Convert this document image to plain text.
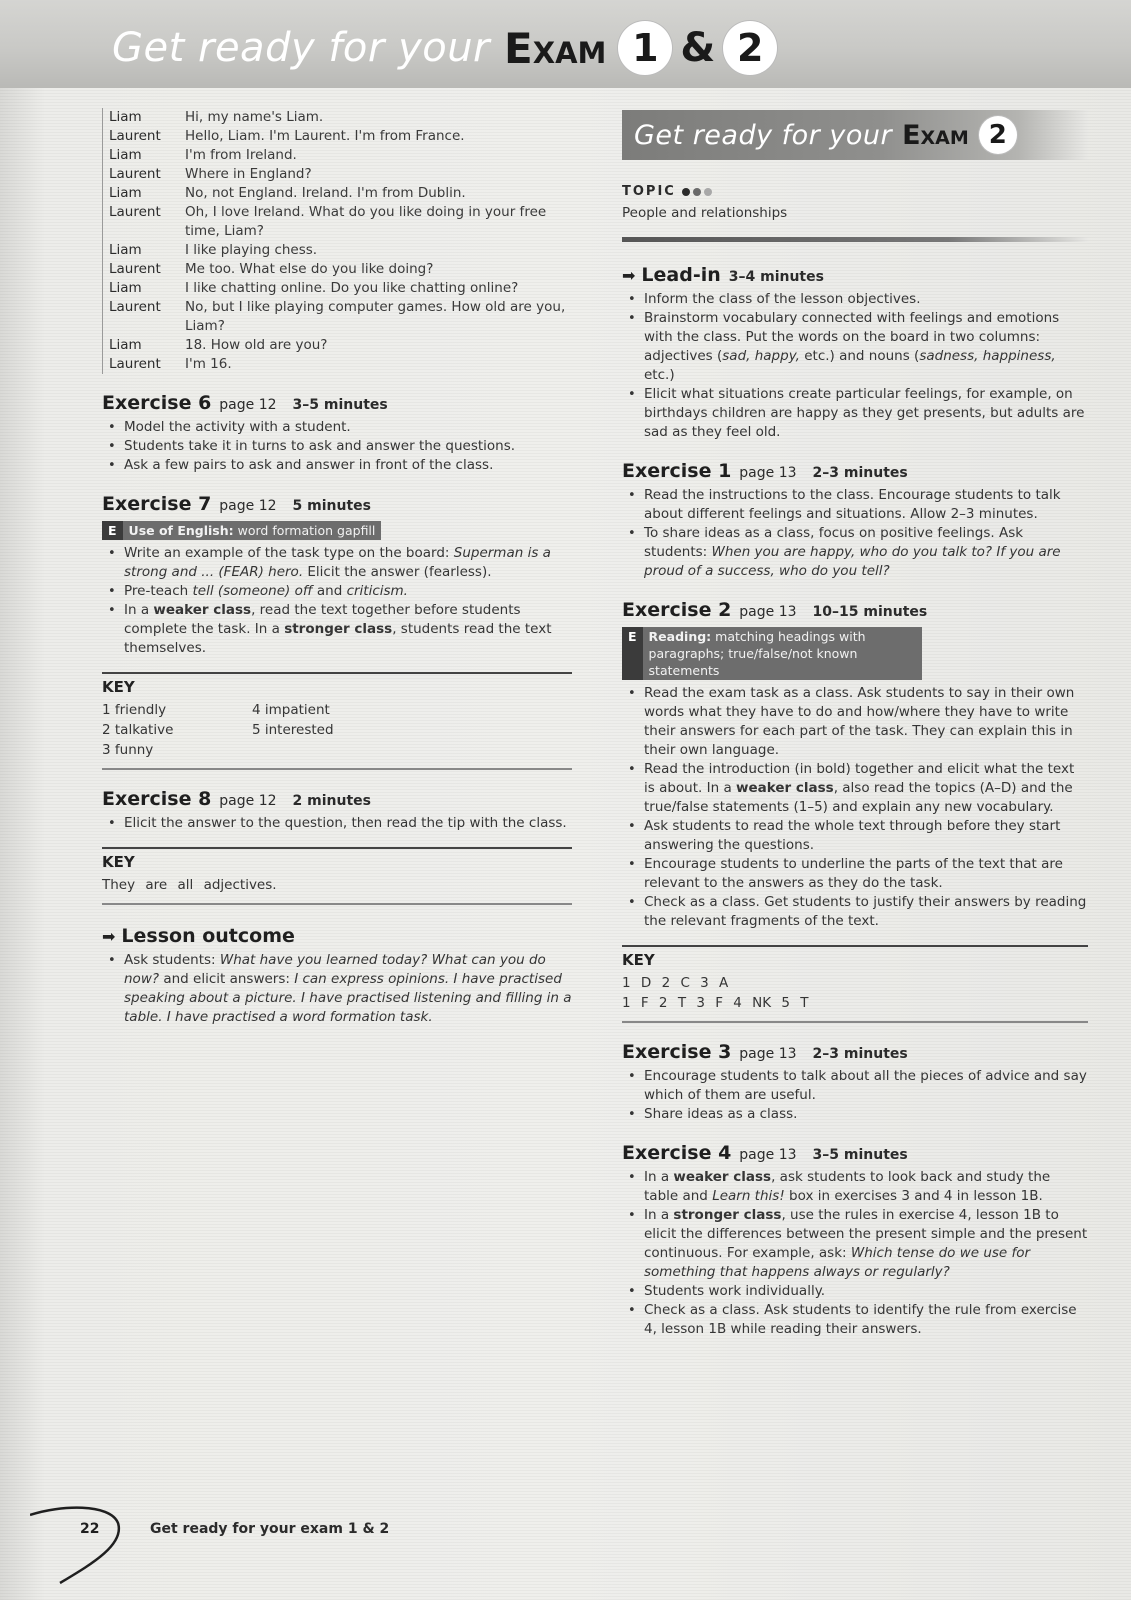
Get ready for your Exam 1 & 2
Liam	Hi, my name's Liam.
Laurent	Hello, Liam. I'm Laurent. I'm from France.
Liam	I'm from Ireland.
Laurent	Where in England?
Liam	No, not England. Ireland. I'm from Dublin.
Laurent	Oh, I love Ireland. What do you like doing in your free time, Liam?
Liam	I like playing chess.
Laurent	Me too. What else do you like doing?
Liam	I like chatting online. Do you like chatting online?
Laurent	No, but I like playing computer games. How old are you, Liam?
Liam	18. How old are you?
Laurent	I'm 16.
Exercise 6 page 12 3–5 minutes
• Model the activity with a student.
• Students take it in turns to ask and answer the questions.
• Ask a few pairs to ask and answer in front of the class.
Exercise 7 page 12 5 minutes
E Use of English: word formation gapfill
• Write an example of the task type on the board: Superman is a strong and ... (FEAR) hero. Elicit the answer (fearless).
• Pre-teach tell (someone) off and criticism.
• In a weaker class, read the text together before students complete the task. In a stronger class, students read the text themselves.
KEY
1 friendly	4 impatient
2 talkative	5 interested
3 funny
Exercise 8 page 12 2 minutes
• Elicit the answer to the question, then read the tip with the class.
KEY
They are all adjectives.
➡ Lesson outcome
• Ask students: What have you learned today? What can you do now? and elicit answers: I can express opinions. I have practised speaking about a picture. I have practised listening and filling in a table. I have practised a word formation task.
Get ready for your Exam 2
TOPIC
People and relationships
➡ Lead-in 3–4 minutes
• Inform the class of the lesson objectives.
• Brainstorm vocabulary connected with feelings and emotions with the class. Put the words on the board in two columns: adjectives (sad, happy, etc.) and nouns (sadness, happiness, etc.)
• Elicit what situations create particular feelings, for example, on birthdays children are happy as they get presents, but adults are sad as they feel old.
Exercise 1 page 13 2–3 minutes
• Read the instructions to the class. Encourage students to talk about different feelings and situations. Allow 2–3 minutes.
• To share ideas as a class, focus on positive feelings. Ask students: When you are happy, who do you talk to? If you are proud of a success, who do you tell?
Exercise 2 page 13 10–15 minutes
E Reading: matching headings with paragraphs; true/false/not known statements
• Read the exam task as a class. Ask students to say in their own words what they have to do and how/where they have to write their answers for each part of the task. They can explain this in their own language.
• Read the introduction (in bold) together and elicit what the text is about. In a weaker class, also read the topics (A–D) and the true/false statements (1–5) and explain any new vocabulary.
• Ask students to read the whole text through before they start answering the questions.
• Encourage students to underline the parts of the text that are relevant to the answers as they do the task.
• Check as a class. Get students to justify their answers by reading the relevant fragments of the text.
KEY
1 D 2 C 3 A
1 F 2 T 3 F 4 NK 5 T
Exercise 3 page 13 2–3 minutes
• Encourage students to talk about all the pieces of advice and say which of them are useful.
• Share ideas as a class.
Exercise 4 page 13 3–5 minutes
• In a weaker class, ask students to look back and study the table and Learn this! box in exercises 3 and 4 in lesson 1B.
• In a stronger class, use the rules in exercise 4, lesson 1B to elicit the differences between the present simple and the present continuous. For example, ask: Which tense do we use for something that happens always or regularly?
• Students work individually.
• Check as a class. Ask students to identify the rule from exercise 4, lesson 1B while reading their answers.
22	Get ready for your exam 1 & 2
